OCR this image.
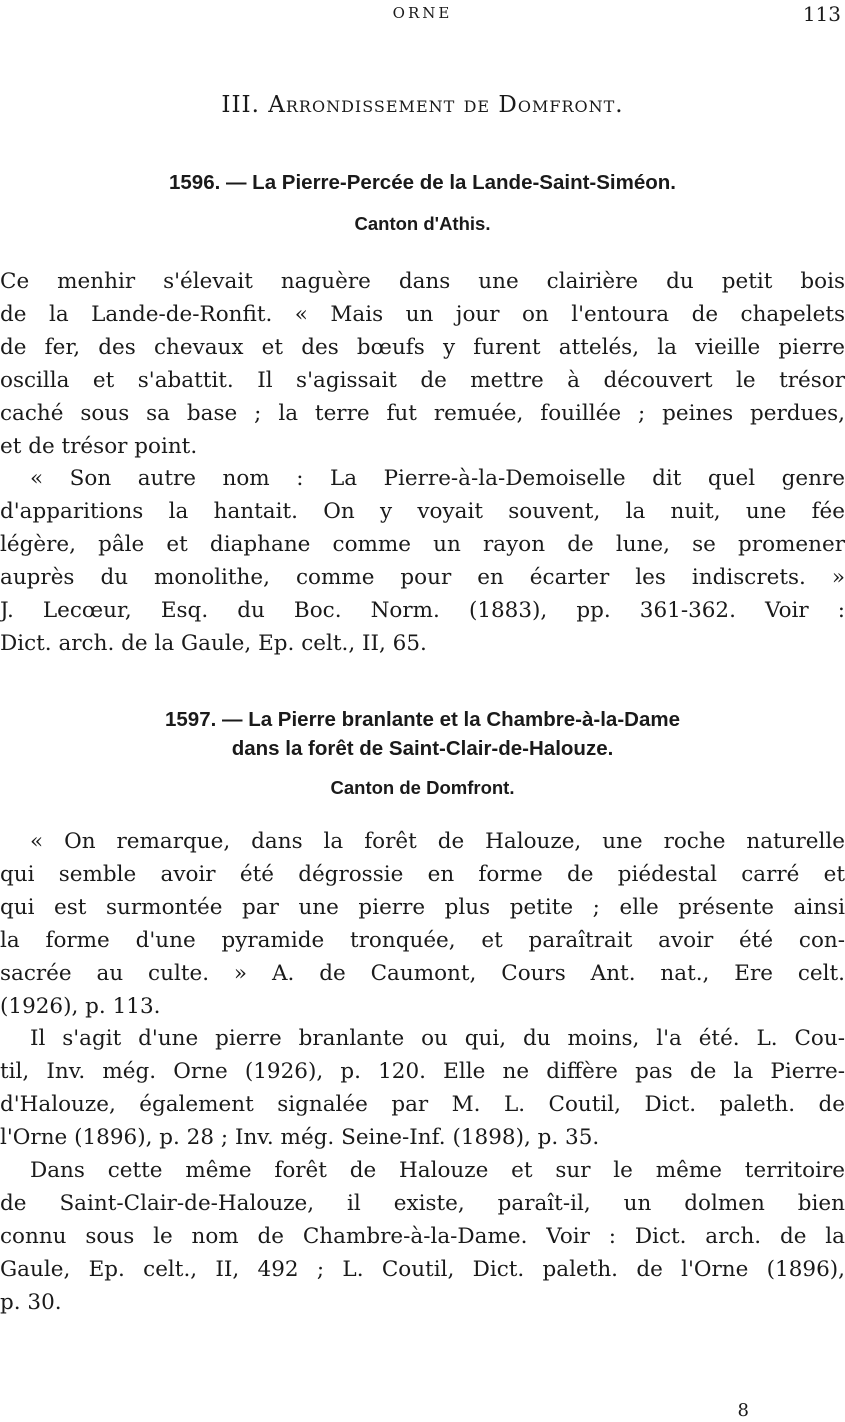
ORNE	113
III. Arrondissement de Domfront.
1596. — La Pierre-Percée de la Lande-Saint-Siméon.
Canton d'Athis.
Ce menhir s'élevait naguère dans une clairière du petit bois
de la Lande-de-Ronfit. « Mais un jour on l'entoura de chapelets
de fer, des chevaux et des bœufs y furent attelés, la vieille pierre
oscilla et s'abattit. Il s'agissait de mettre à découvert le trésor
caché sous sa base ; la terre fut remuée, fouillée ; peines perdues,
et de trésor point.
« Son autre nom : La Pierre-à-la-Demoiselle dit quel genre
d'apparitions la hantait. On y voyait souvent, la nuit, une fée
légère, pâle et diaphane comme un rayon de lune, se promener
auprès du monolithe, comme pour en écarter les indiscrets. »
J. Lecœur, Esq. du Boc. Norm. (1883), pp. 361-362. Voir :
Dict. arch. de la Gaule, Ep. celt., II, 65.
1597. — La Pierre branlante et la Chambre-à-la-Dame
dans la forêt de Saint-Clair-de-Halouze.
Canton de Domfront.
« On remarque, dans la forêt de Halouze, une roche naturelle
qui semble avoir été dégrossie en forme de piédestal carré et
qui est surmontée par une pierre plus petite ; elle présente ainsi
la forme d'une pyramide tronquée, et paraîtrait avoir été con-
sacrée au culte. » A. de Caumont, Cours Ant. nat., Ere celt.
(1926), p. 113.
Il s'agit d'une pierre branlante ou qui, du moins, l'a été. L. Cou-
til, Inv. még. Orne (1926), p. 120. Elle ne diffère pas de la Pierre-
d'Halouze, également signalée par M. L. Coutil, Dict. paleth. de
l'Orne (1896), p. 28 ; Inv. még. Seine-Inf. (1898), p. 35.
Dans cette même forêt de Halouze et sur le même territoire
de Saint-Clair-de-Halouze, il existe, paraît-il, un dolmen bien
connu sous le nom de Chambre-à-la-Dame. Voir : Dict. arch. de la
Gaule, Ep. celt., II, 492 ; L. Coutil, Dict. paleth. de l'Orne (1896),
p. 30.
8
